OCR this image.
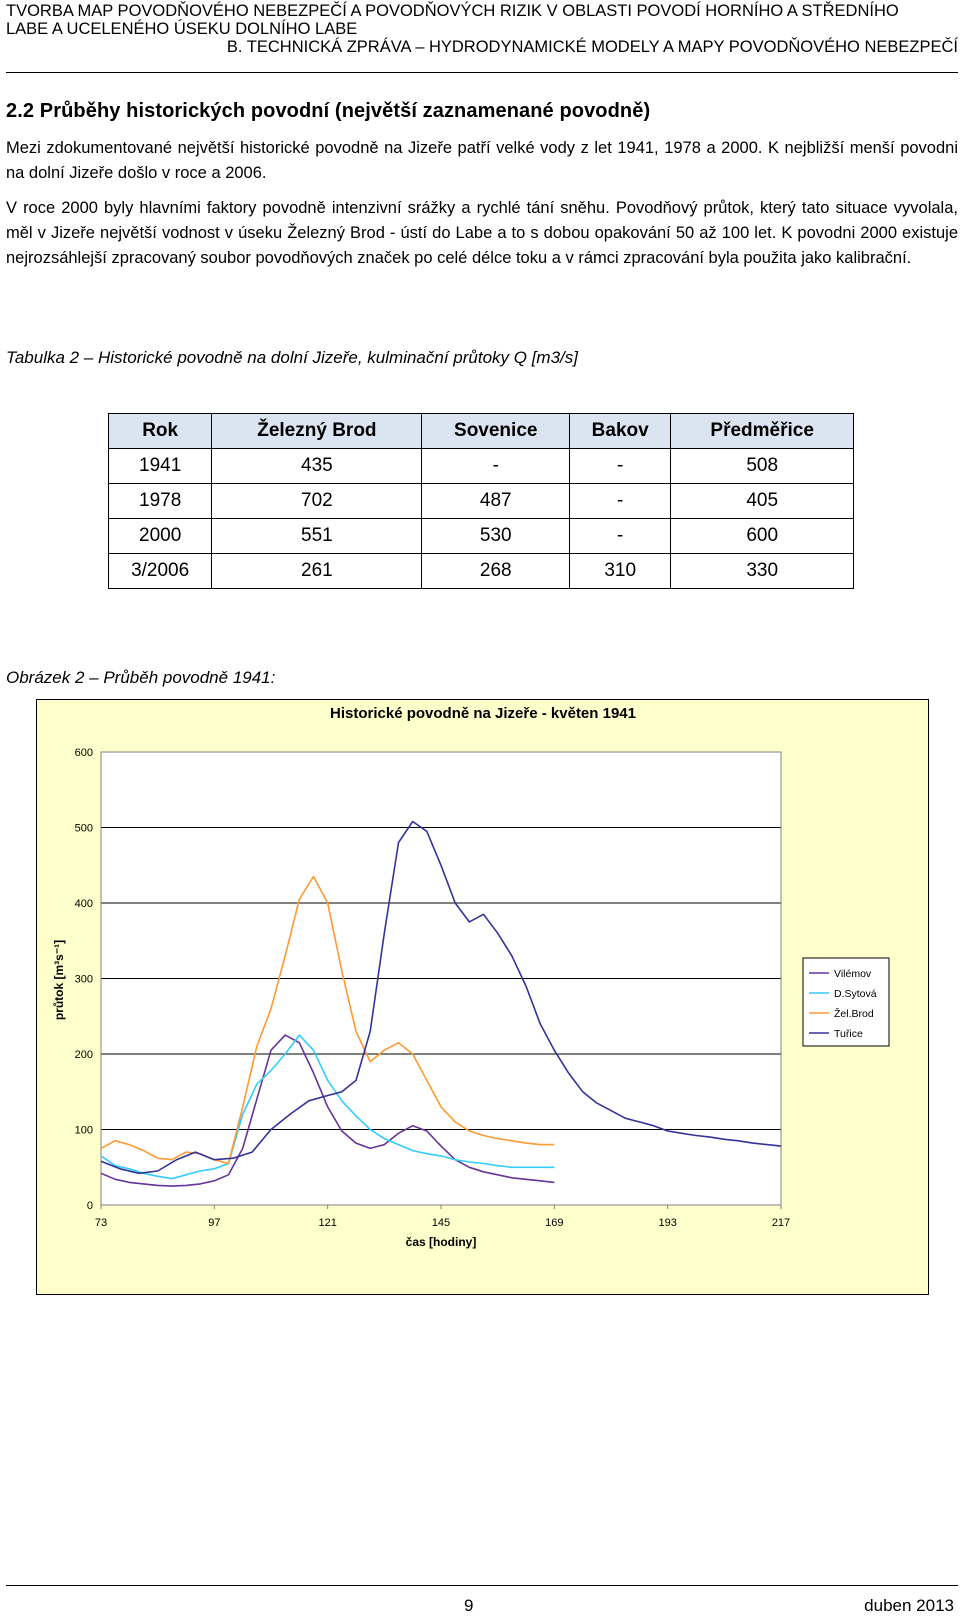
TVORBA MAP POVODŇOVÉHO NEBEZPEČÍ A POVODŇOVÝCH RIZIK V OBLASTI POVODÍ HORNÍHO A STŘEDNÍHO
LABE A UCELENÉHO ÚSEKU DOLNÍHO LABE
B. TECHNICKÁ ZPRÁVA – HYDRODYNAMICKÉ MODELY A MAPY POVODŇOVÉHO NEBEZPEČÍ
2.2 Průběhy historických povodní (největší zaznamenané povodně)
Mezi zdokumentované největší historické povodně na Jizeře patří velké vody z let 1941, 1978 a 2000. K nejbližší menší povodni na dolní Jizeře došlo v roce a 2006.
V roce 2000 byly hlavními faktory povodně intenzivní srážky a rychlé tání sněhu. Povodňový průtok, který tato situace vyvolala, měl v Jizeře největší vodnost v úseku Železný Brod - ústí do Labe a to s dobou opakování 50 až 100 let. K povodni 2000 existuje nejrozsáhlejší zpracovaný soubor povodňových značek po celé délce toku a v rámci zpracování byla použita jako kalibrační.
Tabulka 2 – Historické povodně na dolní Jizeře, kulminační průtoky Q [m3/s]
Rok	Železný Brod	Sovenice	Bakov	Předměřice
1941	435	-	-	508
1978	702	487	-	405
2000	551	530	-	600
3/2006	261	268	310	330
Obrázek 2 – Průběh povodně 1941:
0
100
200
300
400
500
600
73	97	121	145	169	193	217
Historické povodně na Jizeře - květen 1941
čas [hodiny]
průtok [m³s⁻¹]	Vilémov
D.Sytová
Žel.Brod
Tuřice
9	duben 2013
